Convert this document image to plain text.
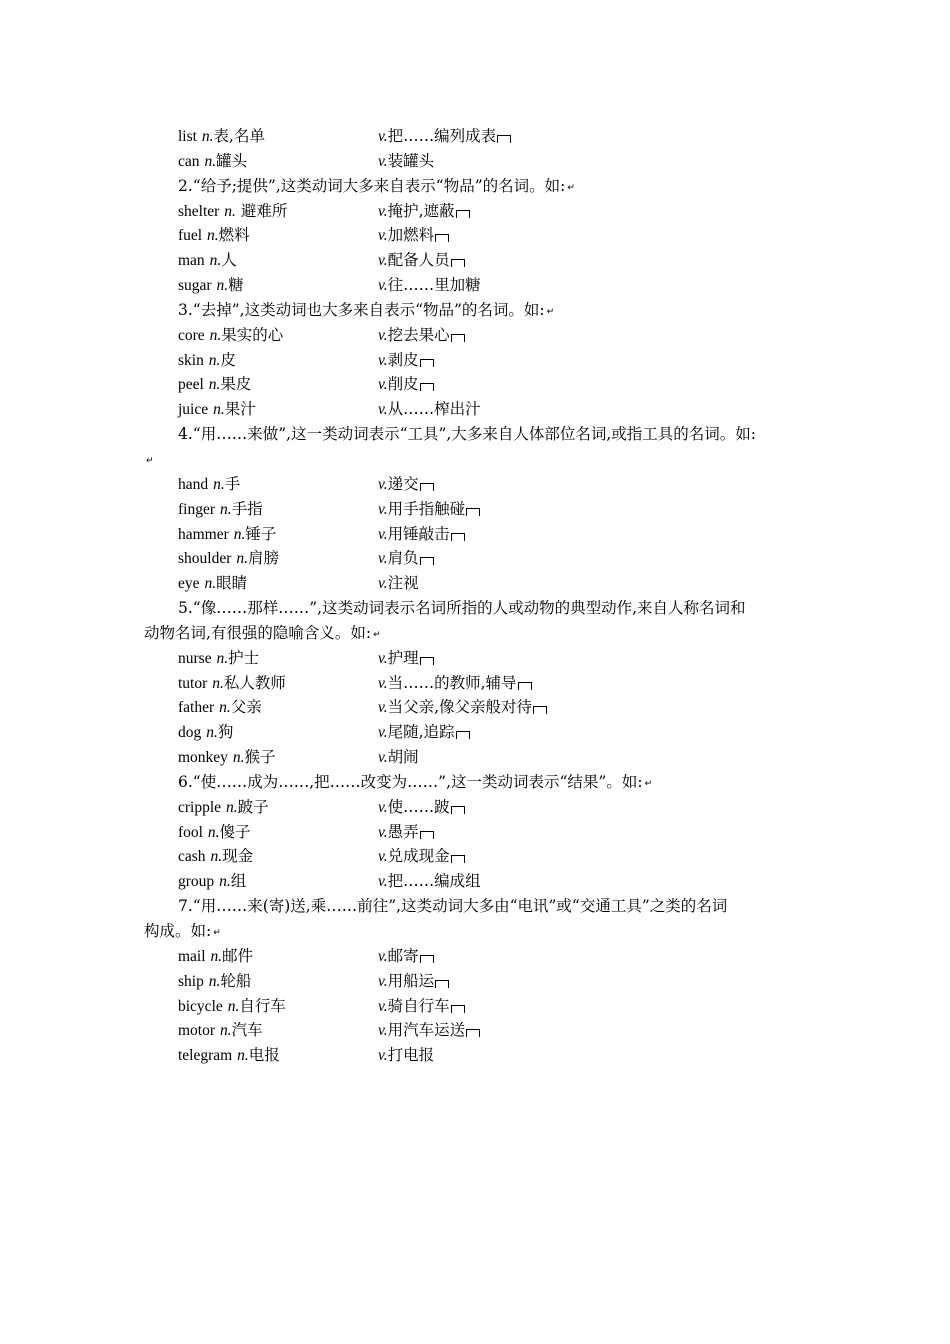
list n.表,名单	v.把……编列成表
can n.罐头	v.装罐头
2.“给予;提供”,这类动词大多来自表示“物品”的名词。如: ↵
shelter n. 避难所	v.掩护,遮蔽
fuel n.燃料	v.加燃料
man n.人	v.配备人员
sugar n.糖	v.往……里加糖
3.“去掉”,这类动词也大多来自表示“物品”的名词。如: ↵
core n.果实的心	v.挖去果心
skin n.皮	v.剥皮
peel n.果皮	v.削皮
juice n.果汁	v.从……榨出汁
4.“用……来做”,这一类动词表示“工具”,大多来自人体部位名词,或指工具的名词。如:
↵
hand n.手	v.递交
finger n.手指	v.用手指触碰
hammer n.锤子	v.用锤敲击
shoulder n.肩膀	v.肩负
eye n.眼睛	v.注视
5.“像……那样……”,这类动词表示名词所指的人或动物的典型动作,来自人称名词和
动物名词,有很强的隐喻含义。如: ↵
nurse n.护士	v.护理
tutor n.私人教师	v.当……的教师,辅导
father n.父亲	v.当父亲,像父亲般对待
dog n.狗	v.尾随,追踪
monkey n.猴子	v.胡闹
6.“使……成为……,把……改变为……”,这一类动词表示“结果”。如: ↵
cripple n.跛子	v.使……跛
fool n.傻子	v.愚弄
cash n.现金	v.兑成现金
group n.组	v.把……编成组
7.“用……来(寄)送,乘……前往”,这类动词大多由“电讯”或“交通工具”之类的名词
构成。如: ↵
mail n.邮件	v.邮寄
ship n.轮船	v.用船运
bicycle n.自行车	v.骑自行车
motor n.汽车	v.用汽车运送
telegram n.电报	v.打电报
